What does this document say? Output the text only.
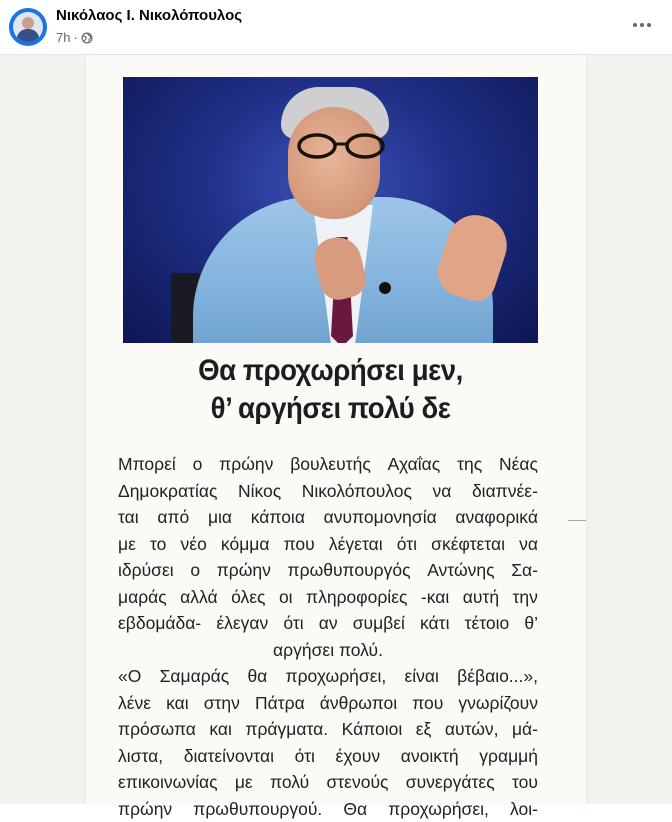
Νικόλαος Ι. Νικολόπουλος
7h ·
Θα προχωρήσει μεν,
θ’ αργήσει πολύ δε
Μπορεί ο πρώην βουλευτής Αχαΐας της Νέας
Δημοκρατίας Νίκος Νικολόπουλος να διαπνέε-
ται από μια κάποια ανυπομονησία αναφορικά
με το νέο κόμμα που λέγεται ότι σκέφτεται να
ιδρύσει ο πρώην πρωθυπουργός Αντώνης Σα-
μαράς αλλά όλες οι πληροφορίες -και αυτή την
εβδομάδα- έλεγαν ότι αν συμβεί κάτι τέτοιο θ’
αργήσει πολύ.
«Ο Σαμαράς θα προχωρήσει, είναι βέβαιο...»,
λένε και στην Πάτρα άνθρωποι που γνωρίζουν
πρόσωπα και πράγματα. Κάποιοι εξ αυτών, μά-
λιστα, διατείνονται ότι έχουν ανοικτή γραμμή
επικοινωνίας με πολύ στενούς συνεργάτες του
πρώην πρωθυπουργού. Θα προχωρήσει, λοι-
